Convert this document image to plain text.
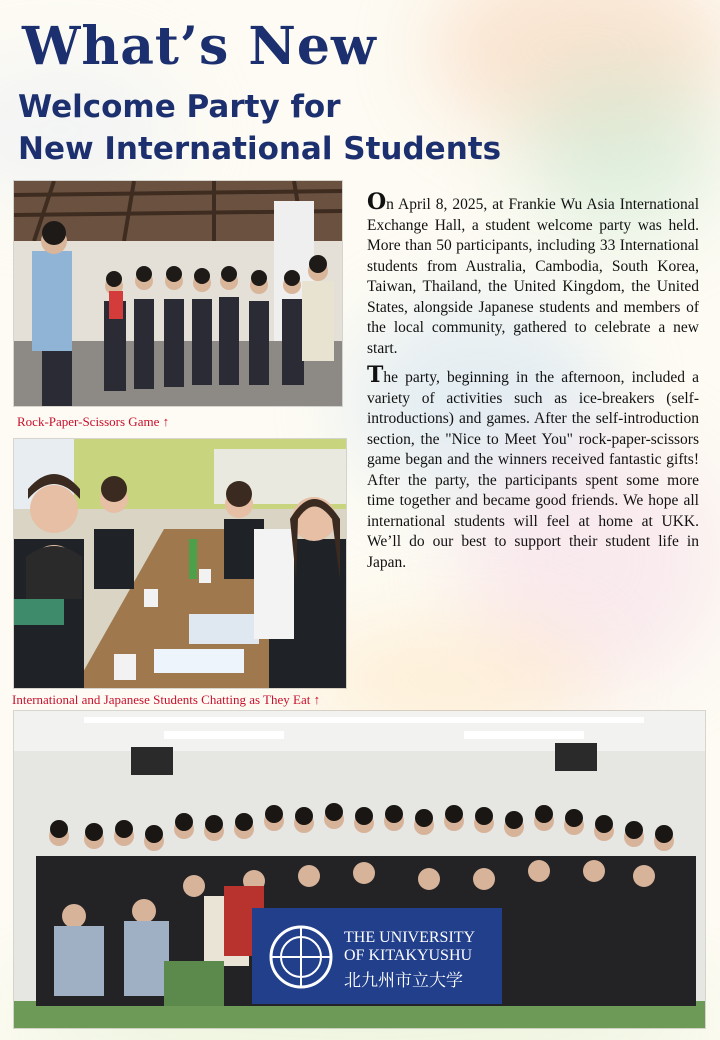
What’s New
Welcome Party for
New International Students
Rock-Paper-Scissors Game ↑
International and Japanese Students Chatting as They Eat ↑

On April 8, 2025, at Frankie Wu Asia International Exchange Hall, a student welcome party was held. More than 50 participants, including 33 International students from Australia, Cambodia, South Korea, Taiwan, Thailand, the United Kingdom, the United States, alongside Japanese students and members of the local community, gathered to celebrate a new start.

The party, beginning in the afternoon, included a variety of activities such as ice-breakers (self-introductions) and games. After the self-introduction section, the "Nice to Meet You" rock-paper-scissors game began and the winners received fantastic gifts! After the party, the participants spent some more time together and became good friends. We hope all international students will feel at home at UKK. We’ll do our best to support their student life in Japan.

THE UNIVERSITY
OF KITAKYUSHU
北九州市立大学
